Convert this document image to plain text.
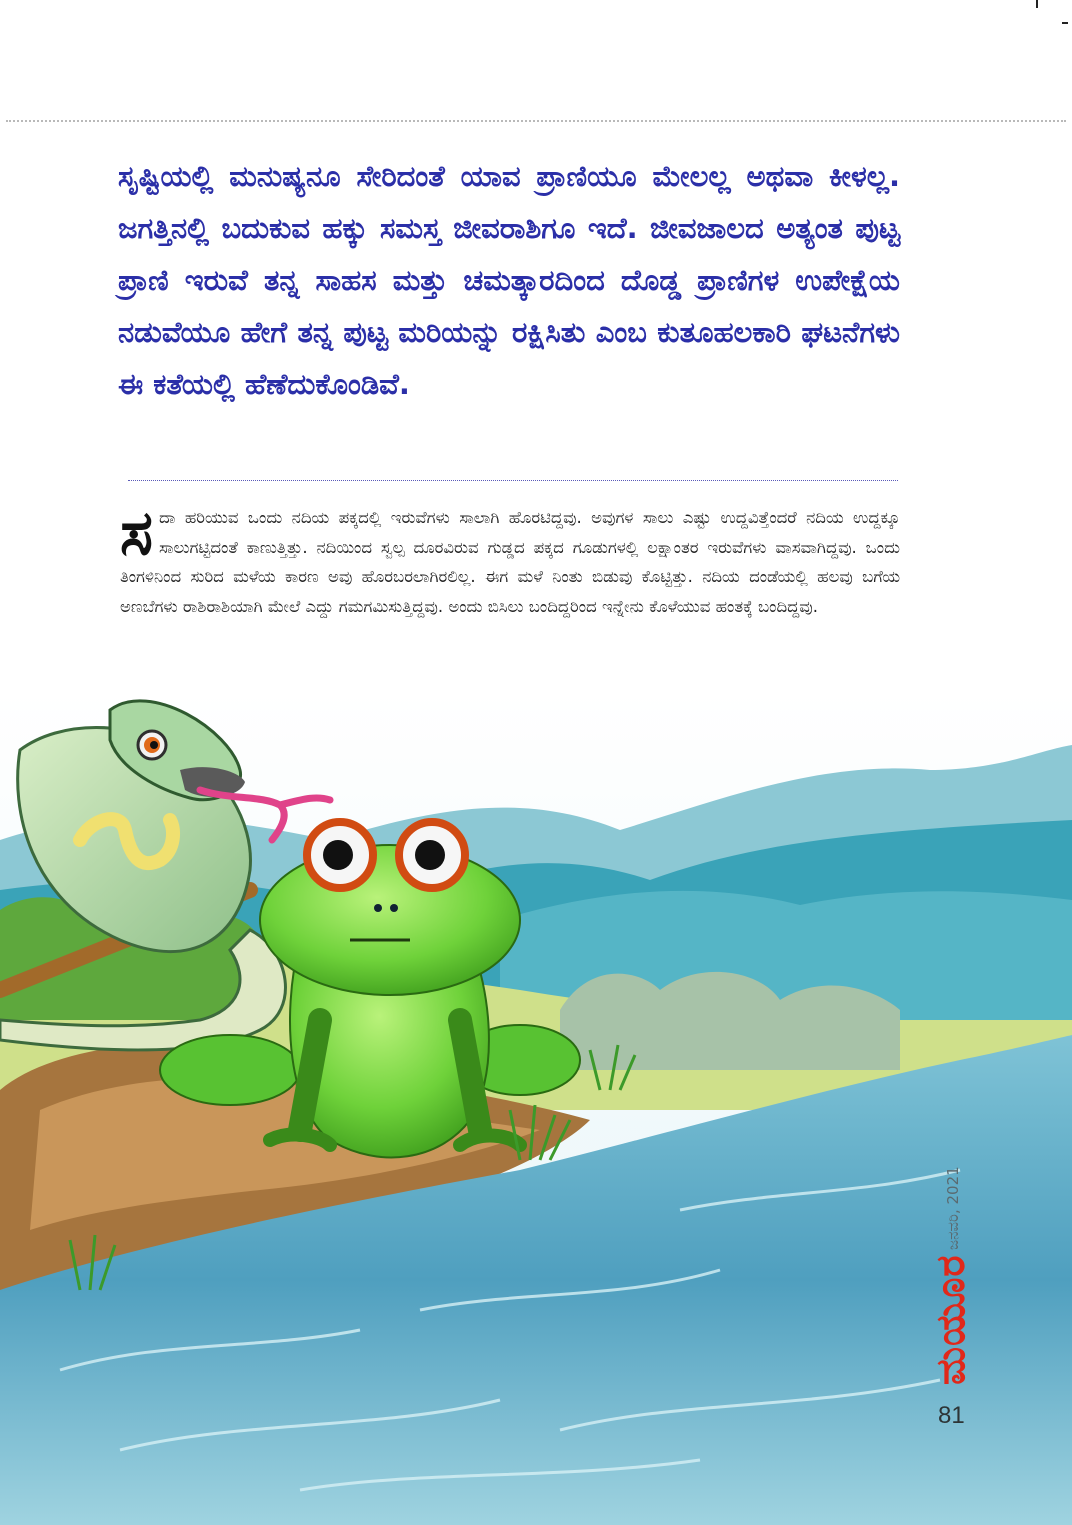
ಸೃಷ್ಟಿಯಲ್ಲಿ ಮನುಷ್ಯನೂ ಸೇರಿದಂತೆ ಯಾವ ಪ್ರಾಣಿಯೂ ಮೇಲಲ್ಲ ಅಥವಾ ಕೀಳಲ್ಲ. ಜಗತ್ತಿನಲ್ಲಿ ಬದುಕುವ ಹಕ್ಕು ಸಮಸ್ತ ಜೀವರಾಶಿಗೂ ಇದೆ. ಜೀವಜಾಲದ ಅತ್ಯಂತ ಪುಟ್ಟ ಪ್ರಾಣಿ ಇರುವೆ ತನ್ನ ಸಾಹಸ ಮತ್ತು ಚಮತ್ಕಾರದಿಂದ ದೊಡ್ಡ ಪ್ರಾಣಿಗಳ ಉಪೇಕ್ಷೆಯ ನಡುವೆಯೂ ಹೇಗೆ ತನ್ನ ಪುಟ್ಟ ಮರಿಯನ್ನು ರಕ್ಷಿಸಿತು ಎಂಬ ಕುತೂಹಲಕಾರಿ ಘಟನೆಗಳು ಈ ಕತೆಯಲ್ಲಿ ಹೆಣೆದುಕೊಂಡಿವೆ.

ಸ ದಾ ಹರಿಯುವ ಒಂದು ನದಿಯ ಪಕ್ಕದಲ್ಲಿ ಇರುವೆಗಳು ಸಾಲಾಗಿ ಹೊರಟಿದ್ದವು. ಅವುಗಳ ಸಾಲು ಎಷ್ಟು ಉದ್ದವಿತ್ತೆಂದರೆ ನದಿಯ ಉದ್ದಕ್ಕೂ ಸಾಲುಗಟ್ಟಿದಂತೆ ಕಾಣುತ್ತಿತ್ತು. ನದಿಯಿಂದ ಸ್ವಲ್ಪ ದೂರವಿರುವ ಗುಡ್ಡದ ಪಕ್ಕದ ಗೂಡುಗಳಲ್ಲಿ ಲಕ್ಷಾಂತರ ಇರುವೆಗಳು ವಾಸವಾಗಿದ್ದವು. ಒಂದು ತಿಂಗಳಿನಿಂದ ಸುರಿದ ಮಳೆಯ ಕಾರಣ ಅವು ಹೊರಬರಲಾಗಿರಲಿಲ್ಲ. ಈಗ ಮಳೆ ನಿಂತು ಬಿಡುವು ಕೊಟ್ಟಿತ್ತು. ನದಿಯ ದಂಡೆಯಲ್ಲಿ ಹಲವು ಬಗೆಯ ಅಣಬೆಗಳು ರಾಶಿರಾಶಿಯಾಗಿ ಮೇಲೆ ಎದ್ದು ಗಮಗಮಿಸುತ್ತಿದ್ದವು. ಅಂದು ಬಿಸಿಲು ಬಂದಿದ್ದರಿಂದ ಇನ್ನೇನು ಕೊಳೆಯುವ ಹಂತಕ್ಕೆ ಬಂದಿದ್ದವು.
ಮಯೂರ
ಜನವರಿ, 2021
81
